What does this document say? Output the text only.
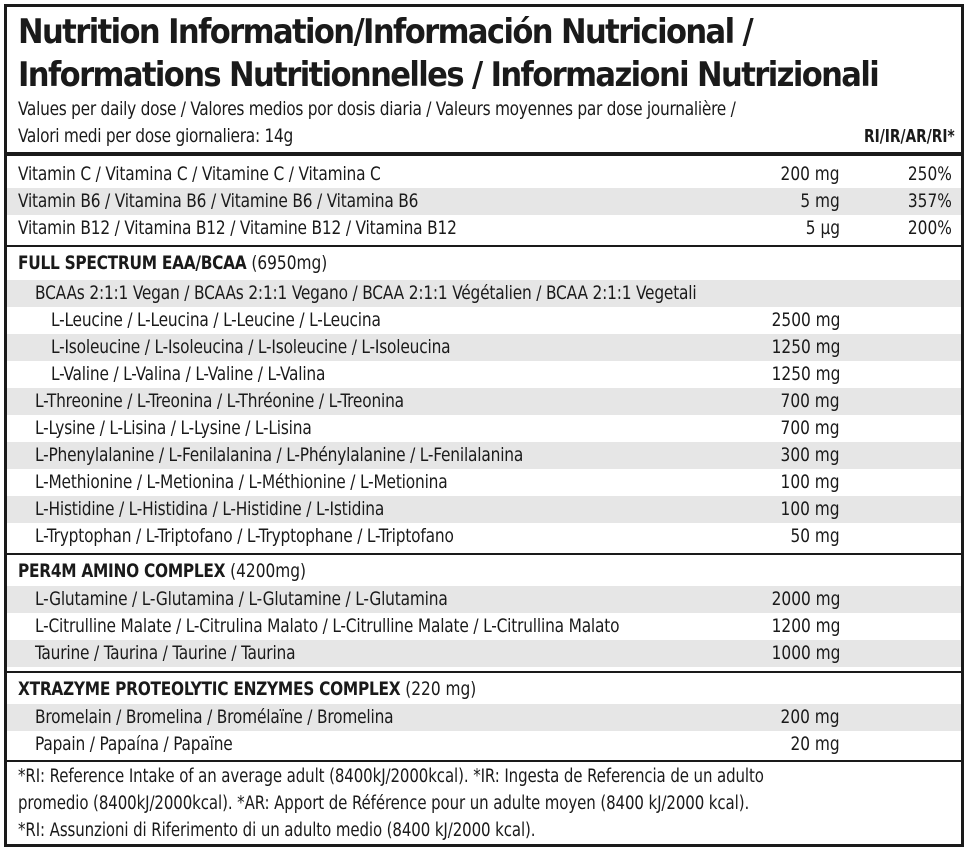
Nutrition Information/Información Nutricional /
Informations Nutritionnelles / Informazioni Nutrizionali
Values per daily dose / Valores medios por dosis diaria / Valeurs moyennes par dose journalière /
Valori medi per dose giornaliera: 14g	RI/IR/AR/RI*
Vitamin C / Vitamina C / Vitamine C / Vitamina C	200 mg	250%
Vitamin B6 / Vitamina B6 / Vitamine B6 / Vitamina B6	5 mg	357%
Vitamin B12 / Vitamina B12 / Vitamine B12 / Vitamina B12	5 µg	200%
FULL SPECTRUM EAA/BCAA (6950mg)
BCAAs 2:1:1 Vegan / BCAAs 2:1:1 Vegano / BCAA 2:1:1 Végétalien / BCAA 2:1:1 Vegetali
L-Leucine / L-Leucina / L-Leucine / L-Leucina	2500 mg
L-Isoleucine / L-Isoleucina / L-Isoleucine / L-Isoleucina	1250 mg
L-Valine / L-Valina / L-Valine / L-Valina	1250 mg
L-Threonine / L-Treonina / L-Thréonine / L-Treonina	700 mg
L-Lysine / L-Lisina / L-Lysine / L-Lisina	700 mg
L-Phenylalanine / L-Fenilalanina / L-Phénylalanine / L-Fenilalanina	300 mg
L-Methionine / L-Metionina / L-Méthionine / L-Metionina	100 mg
L-Histidine / L-Histidina / L-Histidine / L-Istidina	100 mg
L-Tryptophan / L-Triptofano / L-Tryptophane / L-Triptofano	50 mg
PER4M AMINO COMPLEX (4200mg)
L-Glutamine / L-Glutamina / L-Glutamine / L-Glutamina	2000 mg
L-Citrulline Malate / L-Citrulina Malato / L-Citrulline Malate / L-Citrullina Malato	1200 mg
Taurine / Taurina / Taurine / Taurina	1000 mg
XTRAZYME PROTEOLYTIC ENZYMES COMPLEX (220 mg)
Bromelain / Bromelina / Bromélaïne / Bromelina	200 mg
Papain / Papaína / Papaïne	20 mg
*RI: Reference Intake of an average adult (8400kJ/2000kcal). *IR: Ingesta de Referencia de un adulto
promedio (8400kJ/2000kcal). *AR: Apport de Référence pour un adulte moyen (8400 kJ/2000 kcal).
*RI: Assunzioni di Riferimento di un adulto medio (8400 kJ/2000 kcal).
